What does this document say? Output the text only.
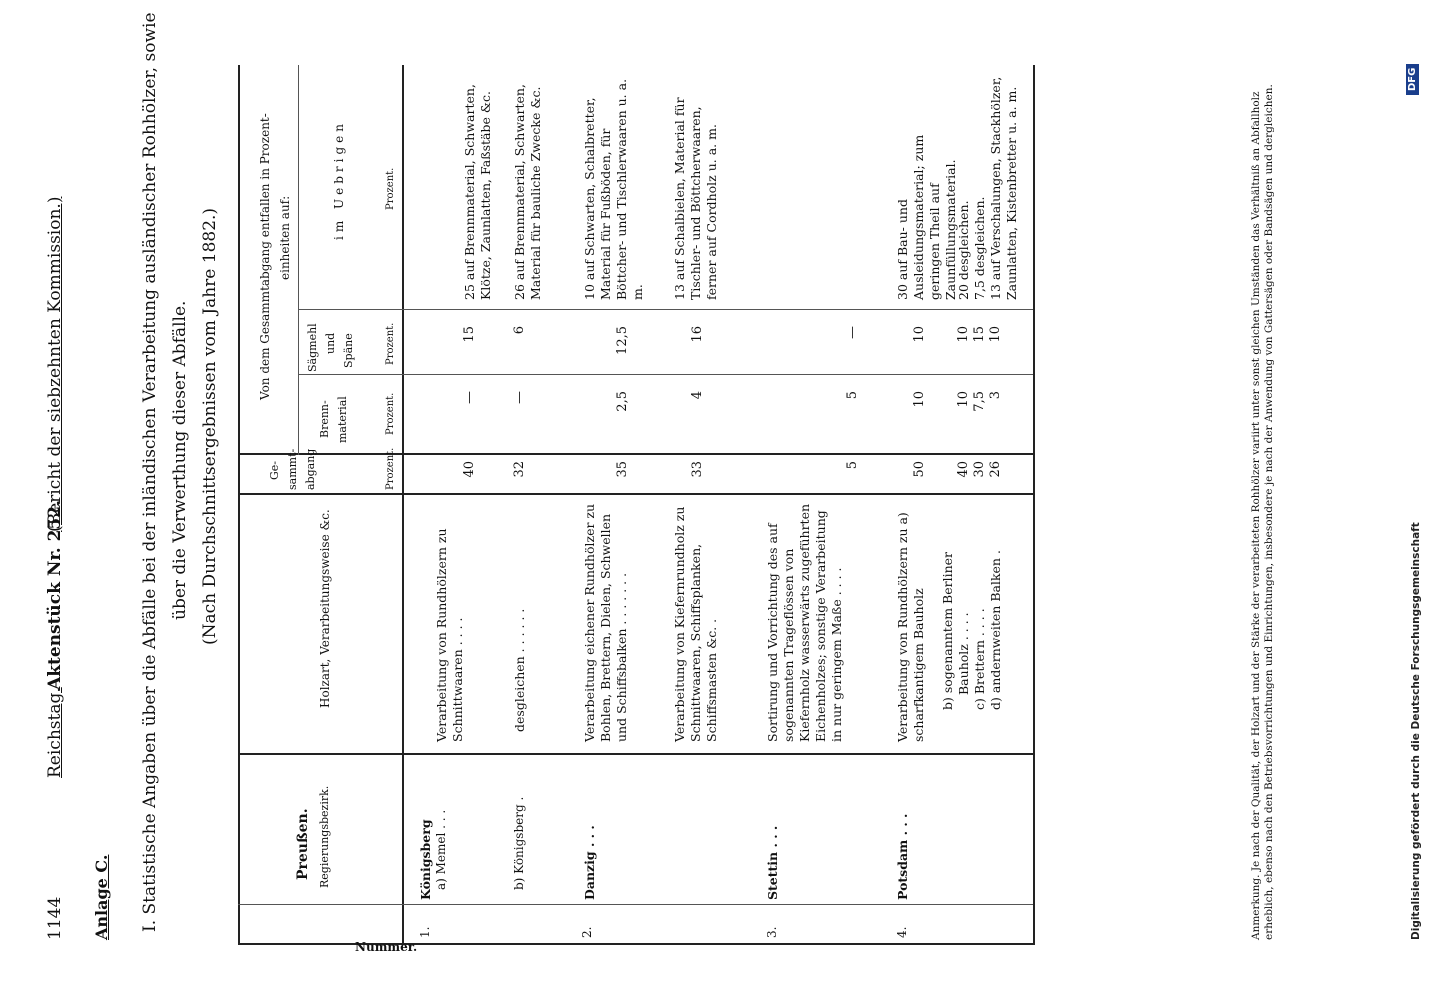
1144
Reichstag.
Aktenstück Nr. 252.
(Bericht der siebzehnten Kommission.)
Anlage C. I. Statistische Angaben über die Abfälle bei der inländischen Verarbeitung ausländischer Rohhölzer, sowie über die Verwerthung dieser Abfälle. (Nach Durchschnittsergebnissen vom Jahre 1882.)
Nummer.
Preußen. Regierungsbezirk.
Holzart, Verarbeitungsweise &c.
Ge- sammt- abgang
Von dem Gesammtabgang entfallen in Prozent- einheiten auf:
Brenn- material
Sägmehl und Späne
im Uebrigen
Prozent.
Prozent.
Prozent.
Prozent.
1.
Königsberg a) Memel . . .
Verarbeitung von Rundhölzern zu Schnittwaaren . . . .
40
—
15
25 auf Brennmaterial, Schwarten, Klötze, Zaunlatten, Faßstäbe &c.
b) Königsberg .
desgleichen . . . . . .
32
—
6
26 auf Brennmaterial, Schwarten, Material für bauliche Zwecke &c.
2.
Danzig . . .
Verarbeitung eichener Rundhölzer zu Bohlen, Brettern, Dielen, Schwellen und Schiffsbalken . . . . . . .
35
2,5
12,5
10 auf Schwarten, Schalbretter, Material für Fußböden, für Böttcher- und Tischlerwaaren u. a. m.
Verarbeitung von Kiefernrundholz zu Schnittwaaren, Schiffsplanken, Schiffsmasten &c. .
33
4
16
13 auf Schalbielen, Material für Tischler- und Böttcherwaaren, ferner auf Cordholz u. a. m.
3.
Stettin . . .
Sortirung und Vorrichtung des auf sogenannten Trageflössen von Kiefernholz wasserwärts zugeführten Eichenholzes; sonstige Verarbeitung in nur geringem Maße . . . .
5
5
—
4.
Potsdam . . .
Verarbeitung von Rundhölzern zu a) scharfkantigem Bauholz
50
10
10
30 auf Bau- und Ausleidungsmaterial; zum geringen Theil auf Zaunfüllungsmaterial.
b) sogenanntem Berliner Bauholz . . . . c) Brettern . . . . d) andernweiten Balken .
40 30 26
10 7,5 3
10 15 10
20 desgleichen. 7,5 desgleichen. 13 auf Verschalungen, Stackhölzer, Zaunlatten, Kistenbretter u. a. m.	Anmerkung. Je nach der Qualität, der Holzart und der Stärke der verarbeiteten Rohhölzer variirt unter sonst gleichen Umständen das Verhältniß an Abfallholz erheblich, ebenso nach den Betriebsvorrichtungen und Einrichtungen, insbesondere je nach der Anwendung von Gattersägen oder Bandsägen und dergleichen.	Digitalisierung gefördert durch die Deutsche Forschungsgemeinschaft
DFG
